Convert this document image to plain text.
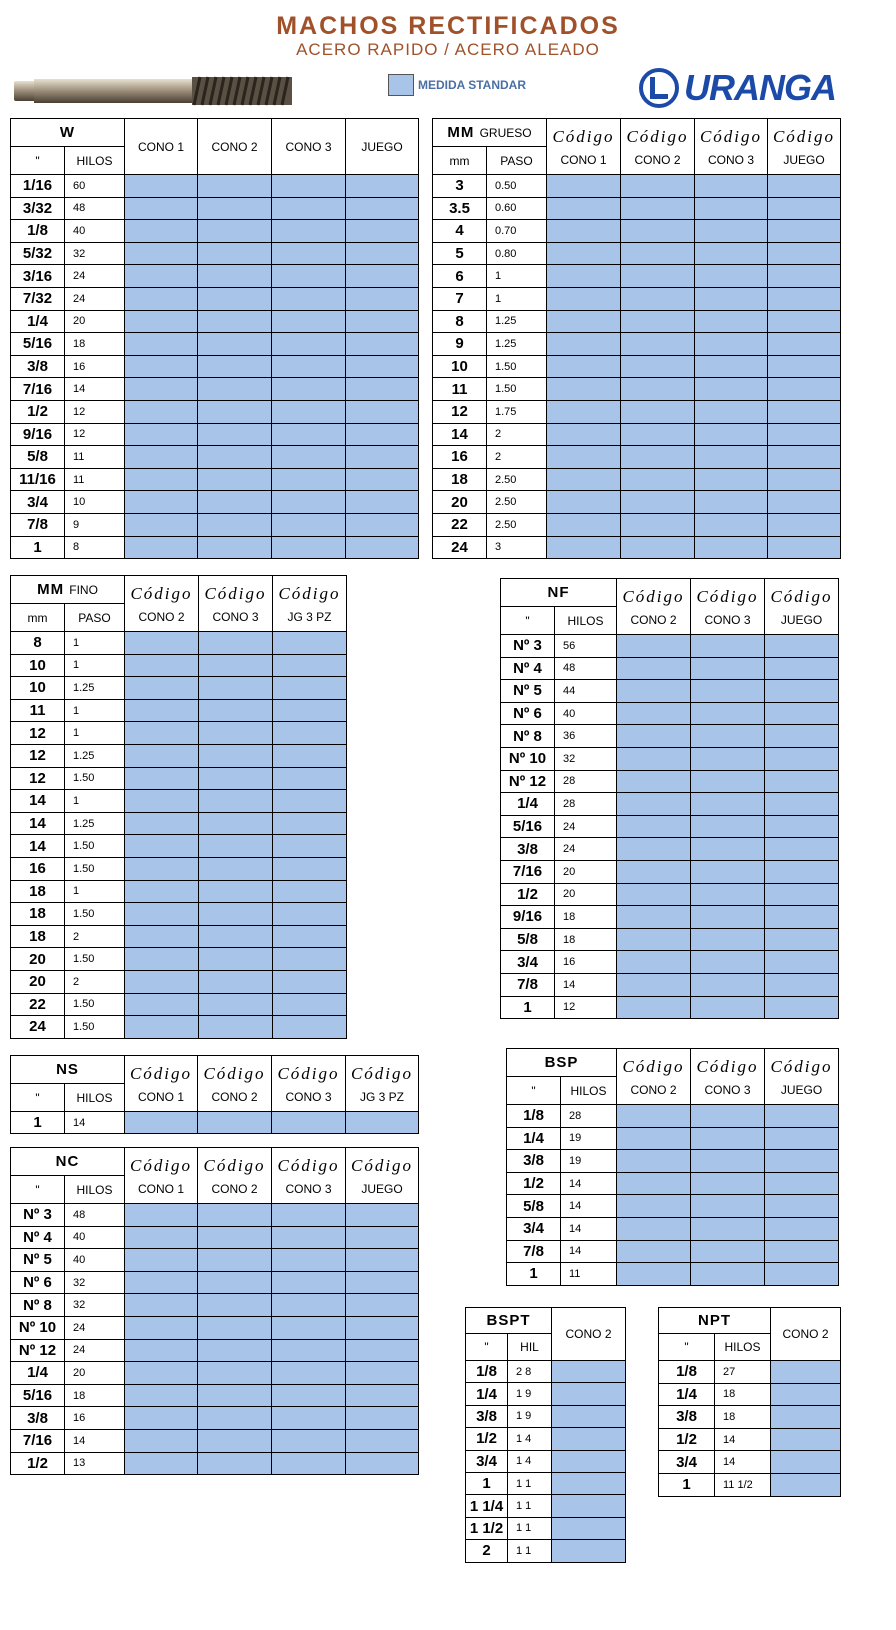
MACHOS RECTIFICADOS
ACERO RAPIDO / ACERO ALEADO
MEDIDA STANDAR	URANGA
W		CONO 1	CONO 2	CONO 3	JUEGO
"	HILOS				
1/16	60				
3/32	48				
1/8	40				
5/32	32				
3/16	24				
7/32	24				
1/4	20				
5/16	18				
3/8	16				
7/16	14				
1/2	12				
9/16	12				
5/8	11				
11/16	11				
3/4	10				
7/8	9				
1	8				
MM GRUESO		Código	Código	Código	Código
mm	PASO	CONO 1	CONO 2	CONO 3	JUEGO
3	0.50				
3.5	0.60				
4	0.70				
5	0.80				
6	1				
7	1				
8	1.25				
9	1.25				
10	1.50				
11	1.50				
12	1.75				
14	2				
16	2				
18	2.50				
20	2.50				
22	2.50				
24	3				
MM FINO		Código	Código	Código
mm	PASO	CONO 2	CONO 3	JG 3 PZ
8	1			
10	1			
10	1.25			
11	1			
12	1			
12	1.25			
12	1.50			
14	1			
14	1.25			
14	1.50			
16	1.50			
18	1			
18	1.50			
18	2			
20	1.50			
20	2			
22	1.50			
24	1.50			
NF		Código	Código	Código
"	HILOS	CONO 2	CONO 3	JUEGO
Nº 3	56			
Nº 4	48			
Nº 5	44			
Nº 6	40			
Nº 8	36			
Nº 10	32			
Nº 12	28			
1/4	28			
5/16	24			
3/8	24			
7/16	20			
1/2	20			
9/16	18			
5/8	18			
3/4	16			
7/8	14			
1	12			
NS		Código	Código	Código	Código
"	HILOS	CONO 1	CONO 2	CONO 3	JG 3 PZ
1	14				
NC		Código	Código	Código	Código
"	HILOS	CONO 1	CONO 2	CONO 3	JUEGO
Nº 3	48				
Nº 4	40				
Nº 5	40				
Nº 6	32				
Nº 8	32				
Nº 10	24				
Nº 12	24				
1/4	20				
5/16	18				
3/8	16				
7/16	14				
1/2	13				
BSP		Código	Código	Código
"	HILOS	CONO 2	CONO 3	JUEGO
1/8	28			
1/4	19			
3/8	19			
1/2	14			
5/8	14			
3/4	14			
7/8	14			
1	11			
BSPT		CONO 2
"	HIL	
1/8	2 8	
1/4	1 9	
3/8	1 9	
1/2	1 4	
3/4	1 4	
1	1 1	
1 1/4	1 1	
1 1/2	1 1	
2	1 1	
NPT		CONO 2
"	HILOS	
1/8	27	
1/4	18	
3/8	18	
1/2	14	
3/4	14	
1	11 1/2	
